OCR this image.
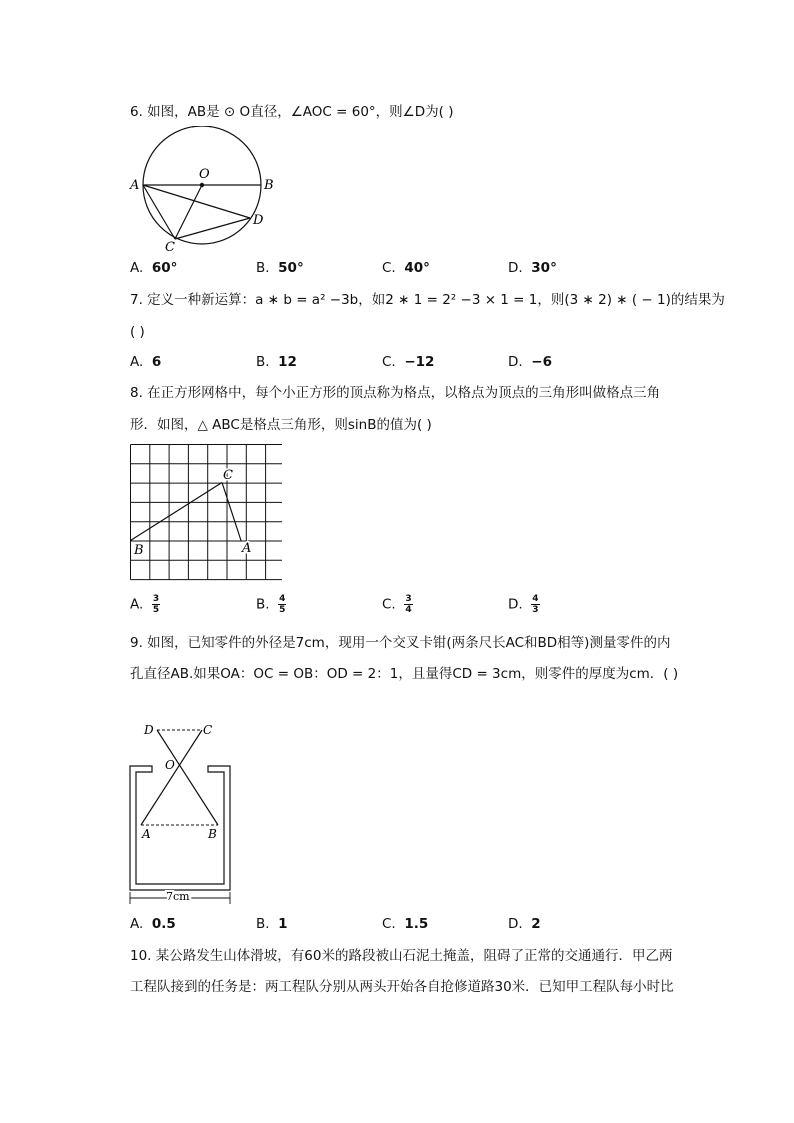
6. 如图，AB是 ⊙ O直径，∠AOC = 60°，则∠D为( )
A	B
O
C
D
A. 60°	B. 50°	C. 40°	D. 30°
7. 定义一种新运算：a ∗ b = a² −3b，如2 ∗ 1 = 2² −3 × 1 = 1，则(3 ∗ 2) ∗ ( − 1)的结果为
( )
A. 6	B. 12	C. −12	D. −6
8. 在正方形网格中，每个小正方形的顶点称为格点，以格点为顶点的三角形叫做格点三角
形．如图，△ ABC是格点三角形，则sinB的值为( )
C
B	A
A. $\frac{3}{5}$	B. $\frac{4}{5}$	C. $\frac{3}{4}$	D. $\frac{4}{3}$
9. 如图，已知零件的外径是7cm，现用一个交叉卡钳(两条尺长AC和BD相等)测量零件的内
孔直径AB.如果OA：OC = OB：OD = 2：1，且量得CD = 3cm，则零件的厚度为cm．( )
D	C
O
A	B
7cm
A. 0.5	B. 1	C. 1.5	D. 2
10. 某公路发生山体滑坡，有60米的路段被山石泥土掩盖，阻碍了正常的交通通行．甲乙两
工程队接到的任务是：两工程队分别从两头开始各自抢修道路30米．已知甲工程队每小时比
